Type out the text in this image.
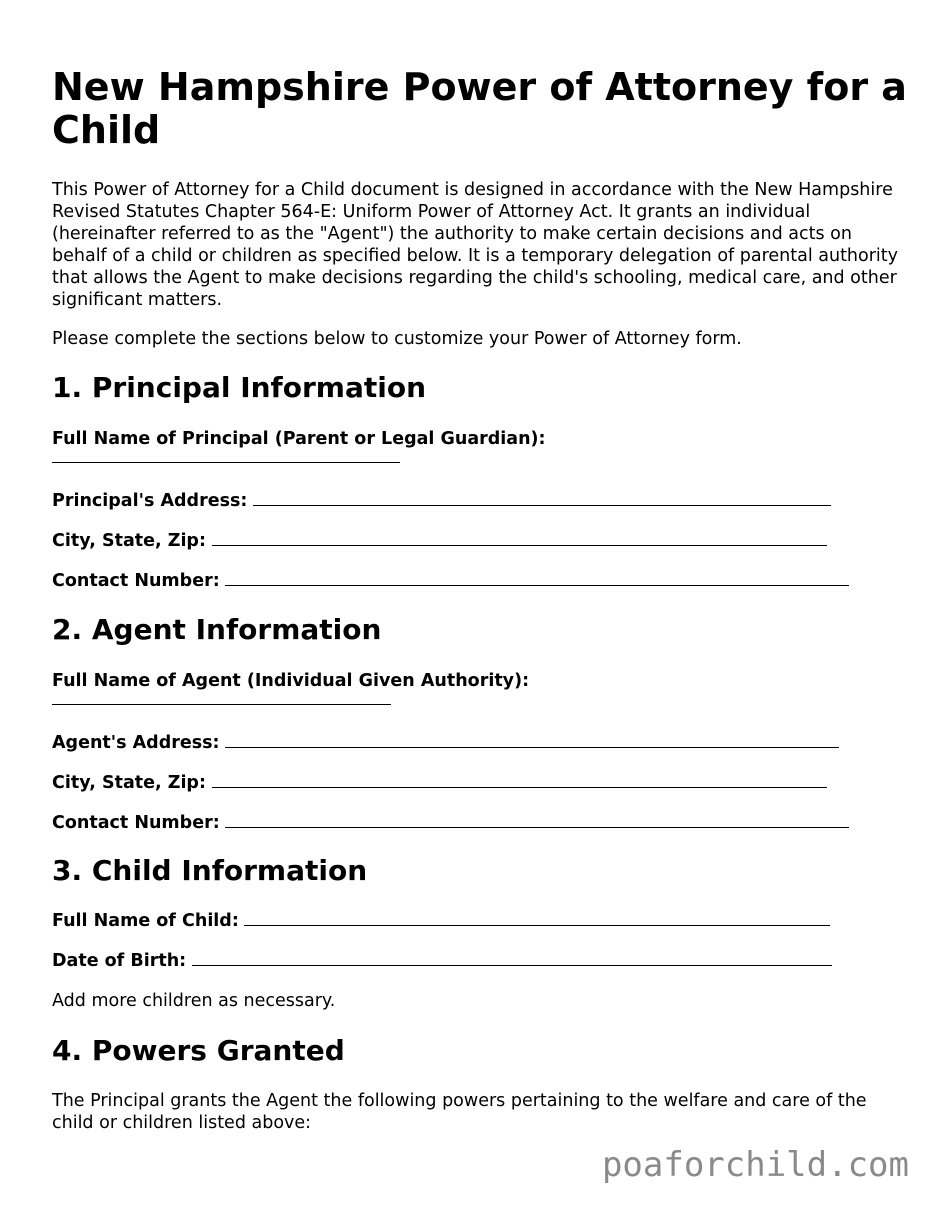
New Hampshire Power of Attorney for a Child

This Power of Attorney for a Child document is designed in accordance with the New Hampshire Revised Statutes Chapter 564-E: Uniform Power of Attorney Act. It grants an individual (hereinafter referred to as the "Agent") the authority to make certain decisions and acts on behalf of a child or children as specified below. It is a temporary delegation of parental authority that allows the Agent to make decisions regarding the child's schooling, medical care, and other significant matters.

Please complete the sections below to customize your Power of Attorney form.

1. Principal Information
Full Name of Principal (Parent or Legal Guardian):
Principal's Address:
City, State, Zip:
Contact Number:
2. Agent Information
Full Name of Agent (Individual Given Authority):
Agent's Address:
City, State, Zip:
Contact Number:
3. Child Information
Full Name of Child:
Date of Birth:

Add more children as necessary.

4. Powers Granted

The Principal grants the Agent the following powers pertaining to the welfare and care of the child or children listed above:

poaforchild.com
